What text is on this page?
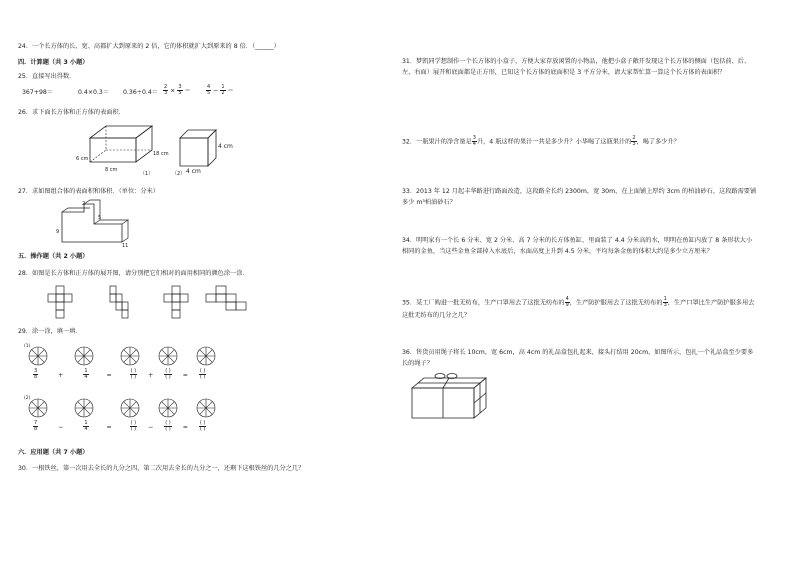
24．一个长方体的长、宽、高都扩大到原来的 2 倍，它的体积就扩大到原来的 8 倍．（______）
四．计算题（共 3 小题）
25．直接写出得数．
367+98＝	$0.4\times 0.3= 0.36\div 0.4= \frac{2}{3} \times \frac{3}{5}$ ＝	$\frac{4}{5} - \frac{1}{2}$ ＝
26．求下面长方体和正方体的表面积．
6 cm
18 cm
8 cm
（1）
4 cm
4 cm
（2）
27．求如图组合体的表面积和体积．（单位：分米）
2
5
9
11
五．操作题（共 2 小题）
28．如图是长方体和正方体的展开图，请分别把它们相对的面用相同的颜色涂一涂．
29．涂一涂，填一填．
(1)
(2)
$\frac{3}{8}$	+	$\frac{1}{4}$	=
( )
( ) +
( )
( ) =
( )
( )
$\frac{7}{8}$	−	$\frac{1}{4}$	=
( )
( ) −
( )
( ) =
( )
( )
六．应用题（共 7 小题）
30．一根铁丝，第一次用去全长的九分之四，第二次用去全长的九分之一，还剩下这根铁丝的几分之几？
31．梦凯同学想制作一个长方体的小盒子，方便大家存放闲置的小物品，他把小盒子敞开发现这个长方体的侧面（包括前、后、左、右面）展开和底面都是正方形，已知这个长方体的底面积是 3 平方分米，请大家帮忙算一算这个长方体的表面积？
32．一瓶果汁的净含量是 $\frac{3}{4}$ 升，4 瓶这样的果汁一共是多少升？小华喝了这瓶果汁的 $\frac{2}{3}$ ，喝了多少升？
33．2013 年 12 月起丰华路进行路面改造，这段路全长约 2300m，宽 30m，在上面铺上厚约 3cm 的柏油砂石，这段路需要铺多少 m³柏油砂石？
34．明明家有一个长 6 分米、宽 2 分米、高 7 分米的长方体鱼缸，里面装了 4.4 分米高的水，明明在鱼缸内放了 8 条形状大小相同的金鱼，当这些金鱼全部掉入水底后，水面高度上升到 4.5 分米，平均每条金鱼的体积大约是多少立方厘米？
35．某工厂购进一批无纺布，生产口罩用去了这批无纺布的 $\frac{4}{9}$ ，生产防护服用去了这批无纺布的 $\frac{1}{3}$ ，生产口罩比生产防护服多用去这批无纺布的几分之几？
36．售货员用绳子将长 10cm，宽 6cm，高 4cm 的礼品盒包扎起来，接头打结用 20cm，如图所示，包扎一个礼品盒至少要多长的绳子？
